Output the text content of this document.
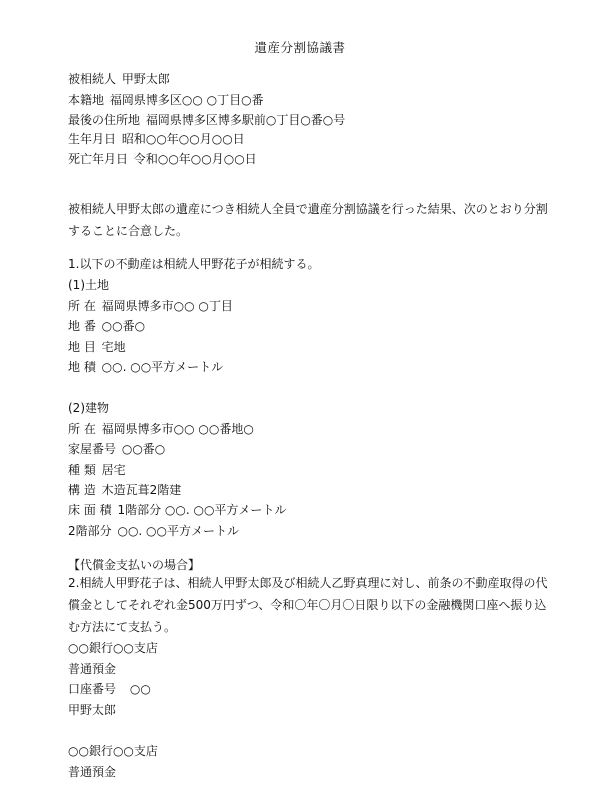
遺産分割協議書
被相続人 甲野太郎
本籍地 福岡県博多区○○ ○丁目○番
最後の住所地 福岡県博多区博多駅前○丁目○番○号
生年月日 昭和○○年○○月○○日
死亡年月日 令和○○年○○月○○日
被相続人甲野太郎の遺産につき相続人全員で遺産分割協議を行った結果、次のとおり分割することに合意した。
1.以下の不動産は相続人甲野花子が相続する。
(1)土地
所 在 福岡県博多市○○ ○丁目
地 番 ○○番○
地 目 宅地
地 積 ○○. ○○平方メートル
(2)建物
所 在 福岡県博多市○○ ○○番地○
家屋番号 ○○番○
種 類 居宅
構 造 木造瓦葺2階建
床 面 積 1階部分 ○○. ○○平方メートル
2階部分 ○○. ○○平方メートル
【代償金支払いの場合】
2.相続人甲野花子は、相続人甲野太郎及び相続人乙野真理に対し、前条の不動産取得の代償金としてそれぞれ金500万円ずつ、令和〇年〇月〇日限り以下の金融機関口座へ振り込む方法にて支払う。
○○銀行○○支店
普通預金
口座番号 ○○
甲野太郎
○○銀行○○支店
普通預金
